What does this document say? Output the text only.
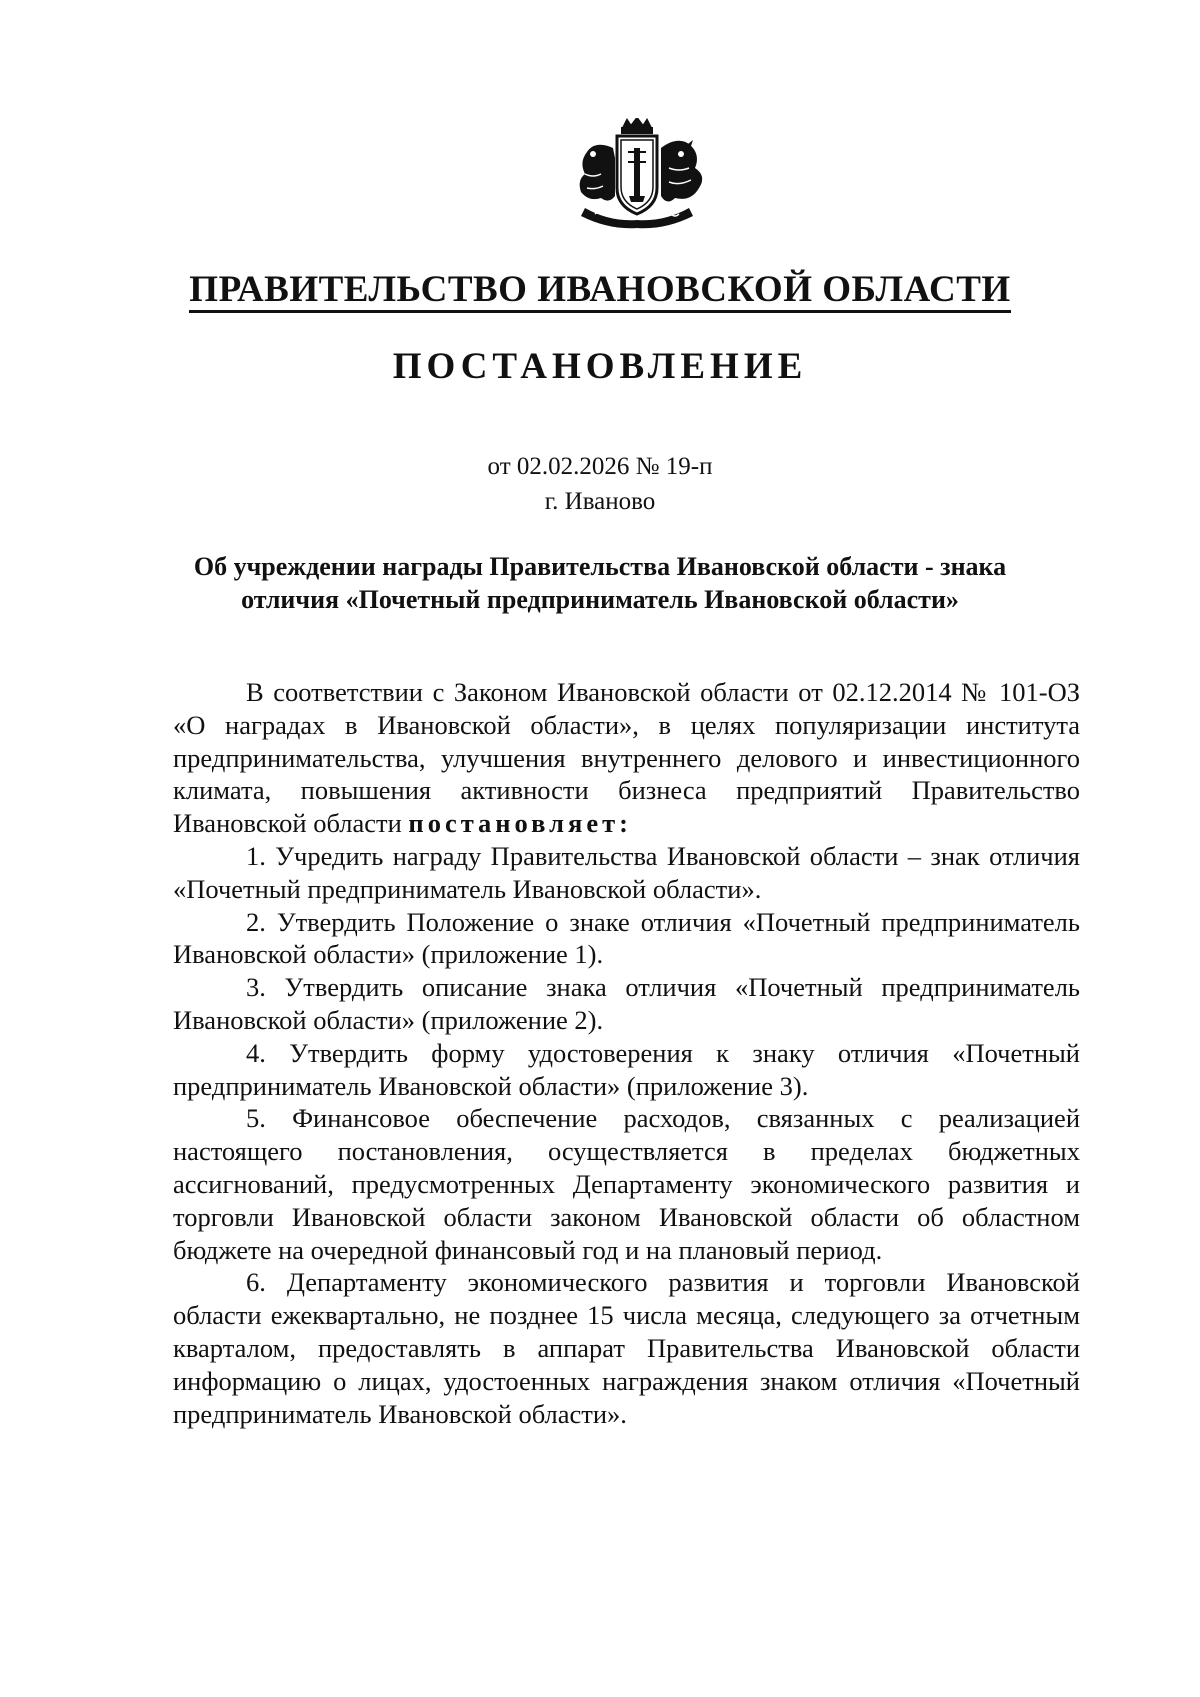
ПРАВИТЕЛЬСТВО ИВАНОВСКОЙ ОБЛАСТИ
ПОСТАНОВЛЕНИЕ
от 02.02.2026 № 19-п
г. Иваново
Об учреждении награды Правительства Ивановской области - знака
отличия «Почетный предприниматель Ивановской области»

В соответствии с Законом Ивановской области от 02.12.2014 № 101-ОЗ «О наградах в Ивановской области», в целях популяризации института предпринимательства, улучшения внутреннего делового и инвестиционного климата, повышения активности бизнеса предприятий Правительство Ивановской области постановляет:

1. Учредить награду Правительства Ивановской области – знак отличия «Почетный предприниматель Ивановской области».

2. Утвердить Положение о знаке отличия «Почетный предприниматель Ивановской области» (приложение 1).

3. Утвердить описание знака отличия «Почетный предприниматель Ивановской области» (приложение 2).

4. Утвердить форму удостоверения к знаку отличия «Почетный предприниматель Ивановской области» (приложение 3).

5. Финансовое обеспечение расходов, связанных с реализацией настоящего постановления, осуществляется в пределах бюджетных ассигнований, предусмотренных Департаменту экономического развития и торговли Ивановской области законом Ивановской области об областном бюджете на очередной финансовый год и на плановый период.

6. Департаменту экономического развития и торговли Ивановской области ежеквартально, не позднее 15 числа месяца, следующего за отчетным кварталом, предоставлять в аппарат Правительства Ивановской области информацию о лицах, удостоенных награждения знаком отличия «Почетный предприниматель Ивановской области».
